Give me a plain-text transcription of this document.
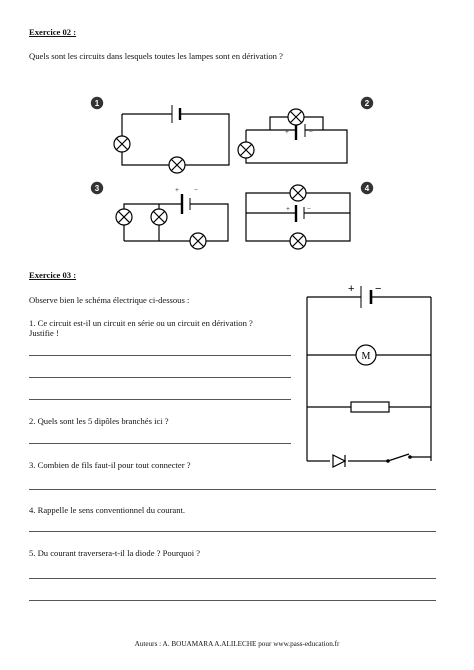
Exercice 02 :
Quels sont les circuits dans lesquels toutes les lampes sont en dérivation ?
+	−
+ −
+ −
1	2
3	4
Exercice 03 :
Observe bien le schéma électrique ci-dessous :
1. Ce circuit est-il un circuit en série ou un circuit en dérivation ?
Justifie !
2. Quels sont les 5 dipôles branchés ici ?
3. Combien de fils faut-il pour tout connecter ?
4. Rappelle le sens conventionnel du courant.
5. Du courant traversera-t-il la diode ? Pourquoi ?
M
+ −
Auteurs : A. BOUAMARA A.ALILECHE pour www.pass-education.fr
